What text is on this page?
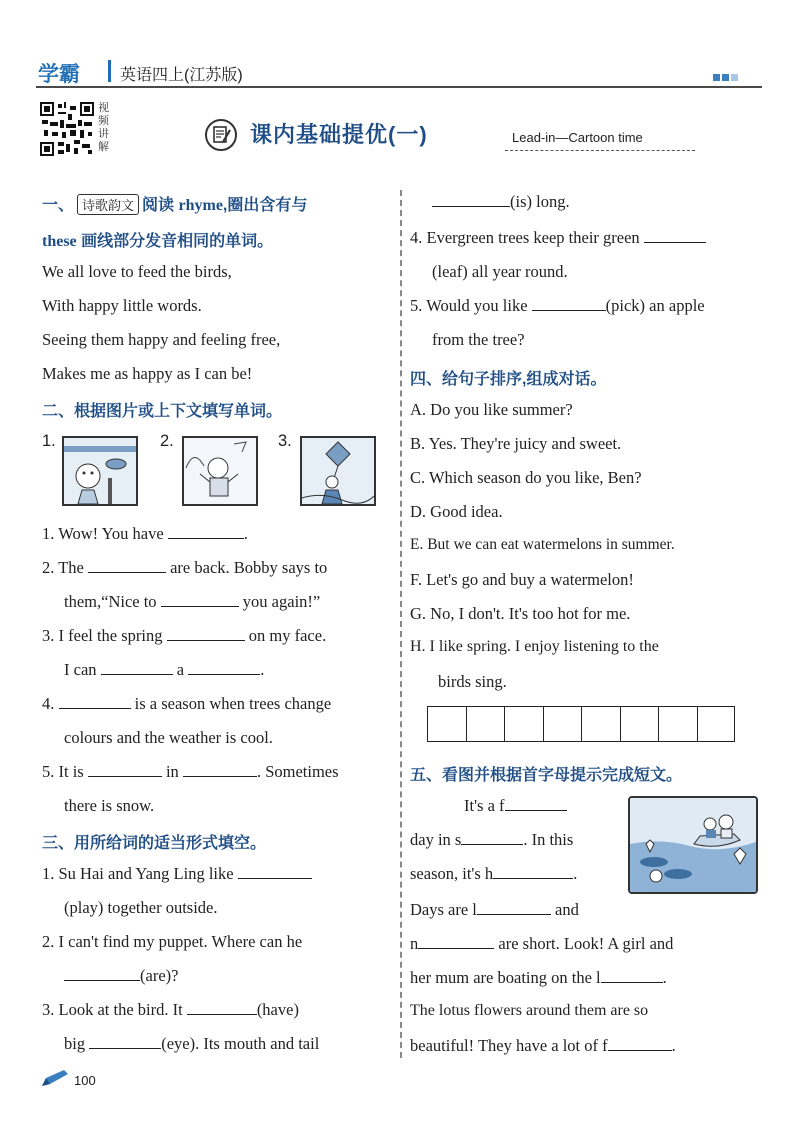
学霸	英语四上(江苏版)
视频讲解	课内基础提优(一)	Lead-in—Cartoon time
一、 诗歌韵文 阅读 rhyme,圈出含有与
these 画线部分发音相同的单词。
We all love to feed the birds,
With happy little words.
Seeing them happy and feeling free,
Makes me as happy as I can be!
二、根据图片或上下文填写单词。
1.	2.	3.
1. Wow! You have	.
2. The	are back. Bobby says to
them,“Nice to	you again!”
3. I feel the spring	on my face.
I can	a	.
4.	is a season when trees change
colours and the weather is cool.
5. It is	in	. Sometimes
there is snow.
三、用所给词的适当形式填空。
1. Su Hai and Yang Ling like
(play) together outside.
2. I can't find my puppet. Where can he
(are)?
3. Look at the bird. It	(have)
big	(eye). Its mouth and tail
(is) long.
4. Evergreen trees keep their green
(leaf) all year round.
5. Would you like	(pick) an apple
from the tree?
四、给句子排序,组成对话。
A. Do you like summer?
B. Yes. They're juicy and sweet.
C. Which season do you like, Ben?
D. Good idea.
E. But we can eat watermelons in summer.
F. Let's go and buy a watermelon!
G. No, I don't. It's too hot for me.
H. I like spring. I enjoy listening to the
birds sing.
五、看图并根据首字母提示完成短文。
It's a f
day in s	. In this
season, it's h	.
Days are l	and
n	are short. Look! A girl and
her mum are boating on the l	.
The lotus flowers around them are so
beautiful! They have a lot of f	.
100
